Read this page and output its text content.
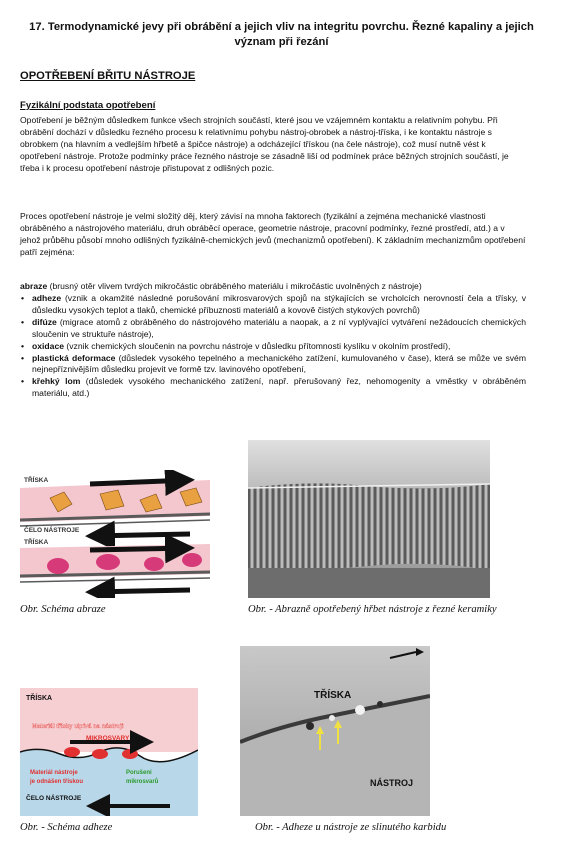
17. Termodynamické jevy při obrábění a jejich vliv na integritu povrchu. Řezné kapaliny a jejich význam při řezání
OPOTŘEBENÍ BŘITU NÁSTROJE
Fyzikální podstata opotřebení
Opotřebení je běžným důsledkem funkce všech strojních součástí, které jsou ve vzájemném kontaktu a relativním pohybu. Při obrábění dochází v důsledku řezného procesu k relativnímu pohybu nástroj-obrobek a nástroj-tříska, i ke kontaktu nástroje s obrobkem (na hlavním a vedlejším hřbetě a špičce nástroje) a odcházející třískou (na čele nástroje), což musí nutně vést k opotřebení nástroje. Protože podmínky práce řezného nástroje se zásadně liší od podmínek práce běžných strojních součástí, je třeba i k procesu opotřebení nástroje přistupovat z odlišných pozic.
Proces opotřebení nástroje je velmi složitý děj, který závisí na mnoha faktorech (fyzikální a zejména mechanické vlastnosti obráběného a nástrojového materiálu, druh obráběcí operace, geometrie nástroje, pracovní podmínky, řezné prostředí, atd.) a v jehož průběhu působí mnoho odlišných fyzikálně-chemických jevů (mechanizmů opotřebení). K základním mechanizmům opotřebení patří zejména:
abraze (brusný otěr vlivem tvrdých mikročástic obráběného materiálu i mikročástic uvolněných z nástroje)
• adheze (vznik a okamžité následné porušování mikrosvarových spojů na stýkajících se vrcholcích nerovností čela a třísky, v důsledku vysokých teplot a tlaků, chemické příbuznosti materiálů a kovově čistých stykových povrchů)
• difúze (migrace atomů z obráběného do nástrojového materiálu a naopak, a z ní vyplývající vytváření nežádoucích chemických sloučenin ve struktuře nástroje),
• oxidace (vznik chemických sloučenin na povrchu nástroje v důsledku přítomnosti kyslíku v okolním prostředí),
• plastická deformace (důsledek vysokého tepelného a mechanického zatížení, kumulovaného v čase), která se může ve svém nejnepříznivějším důsledku projevit ve formě tzv. lavinového opotřebení,
• křehký lom (důsledek vysokého mechanického zatížení, např. přerušovaný řez, nehomogenity a vměstky v obráběném materiálu, atd.)
TŘÍSKA
ČELO NÁSTROJE
TŘÍSKA
Obr. Schéma abraze	Obr. - Abrazně opotřebený hřbet nástroje z řezné keramiky
TŘÍSKA
Materiál třísky ulpívá na nástroji
MIKROSVARY
Materiál nástroje
je odnášen třískou
Porušení
mikrosvarů
ČELO NÁSTROJE
Obr. - Schéma adheze
TŘÍSKA
NÁSTROJ
Obr. - Adheze u nástroje ze slinutého karbidu
